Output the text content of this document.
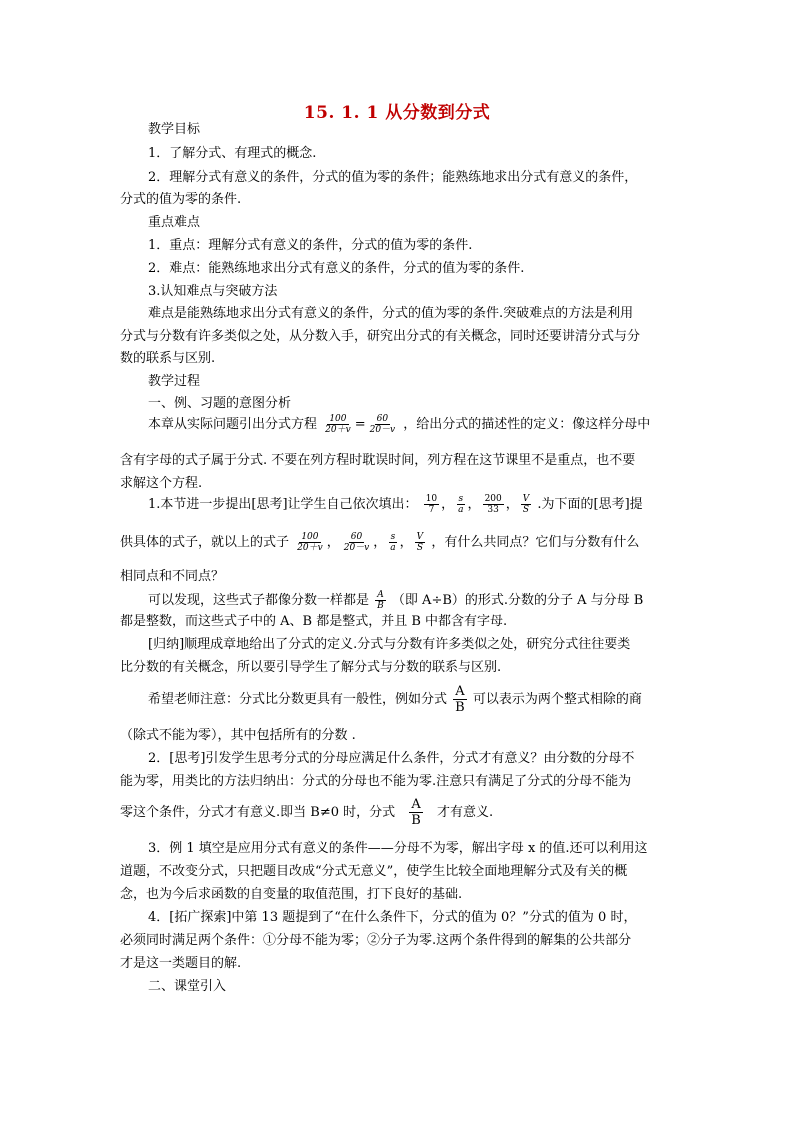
15. 1. 1 从分数到分式
教学目标
1．了解分式、有理式的概念.
2．理解分式有意义的条件，分式的值为零的条件；能熟练地求出分式有意义的条件，
分式的值为零的条件.
重点难点
1．重点：理解分式有意义的条件，分式的值为零的条件.
2．难点：能熟练地求出分式有意义的条件，分式的值为零的条件.
3.认知难点与突破方法
难点是能熟练地求出分式有意义的条件，分式的值为零的条件.突破难点的方法是利用
分式与分数有许多类似之处，从分数入手，研究出分式的有关概念，同时还要讲清分式与分
数的联系与区别.
教学过程
一、例、习题的意图分析
本章从实际问题引出分式方程 $\frac{100}{20+v} = \frac{60}{20-v}$ ，给出分式的描述性的定义：像这样分母中
含有字母的式子属于分式. 不要在列方程时耽误时间，列方程在这节课里不是重点，也不要
求解这个方程.
1.本节进一步提出[思考]让学生自己依次填出： $\frac{10}{7}$ ， $\frac{s}{a}$ ， $\frac{200}{33}$ ， $\frac{V}{S}$ .为下面的[思考]提
供具体的式子，就以上的式子 $\frac{100}{20+v}$ ， $\frac{60}{20-v}$ ， $\frac{s}{a}$ ， $\frac{V}{S}$ ，有什么共同点？它们与分数有什么
相同点和不同点？
可以发现，这些式子都像分数一样都是 $\frac{A}{B}$ （即 A÷B）的形式.分数的分子 A 与分母 B
都是整数，而这些式子中的 A、B 都是整式，并且 B 中都含有字母.
[归纳]顺理成章地给出了分式的定义.分式与分数有许多类似之处，研究分式往往要类
比分数的有关概念，所以要引导学生了解分式与分数的联系与区别.
希望老师注意：分式比分数更具有一般性，例如分式 $\frac{A}{B}$ 可以表示为两个整式相除的商
（除式不能为零），其中包括所有的分数 .
2．[思考]引发学生思考分式的分母应满足什么条件，分式才有意义？由分数的分母不
能为零，用类比的方法归纳出：分式的分母也不能为零.注意只有满足了分式的分母不能为
零这个条件，分式才有意义.即当 B≠0 时，分式 $\frac{A}{B}$ 才有意义.
3．例 1 填空是应用分式有意义的条件——分母不为零，解出字母 x 的值.还可以利用这
道题，不改变分式，只把题目改成“分式无意义”，使学生比较全面地理解分式及有关的概
念，也为今后求函数的自变量的取值范围，打下良好的基础.
4．[拓广探索]中第 13 题提到了“在什么条件下，分式的值为 0？”分式的值为 0 时，
必须同时满足两个条件：①分母不能为零；②分子为零.这两个条件得到的解集的公共部分
才是这一类题目的解.
二、课堂引入
